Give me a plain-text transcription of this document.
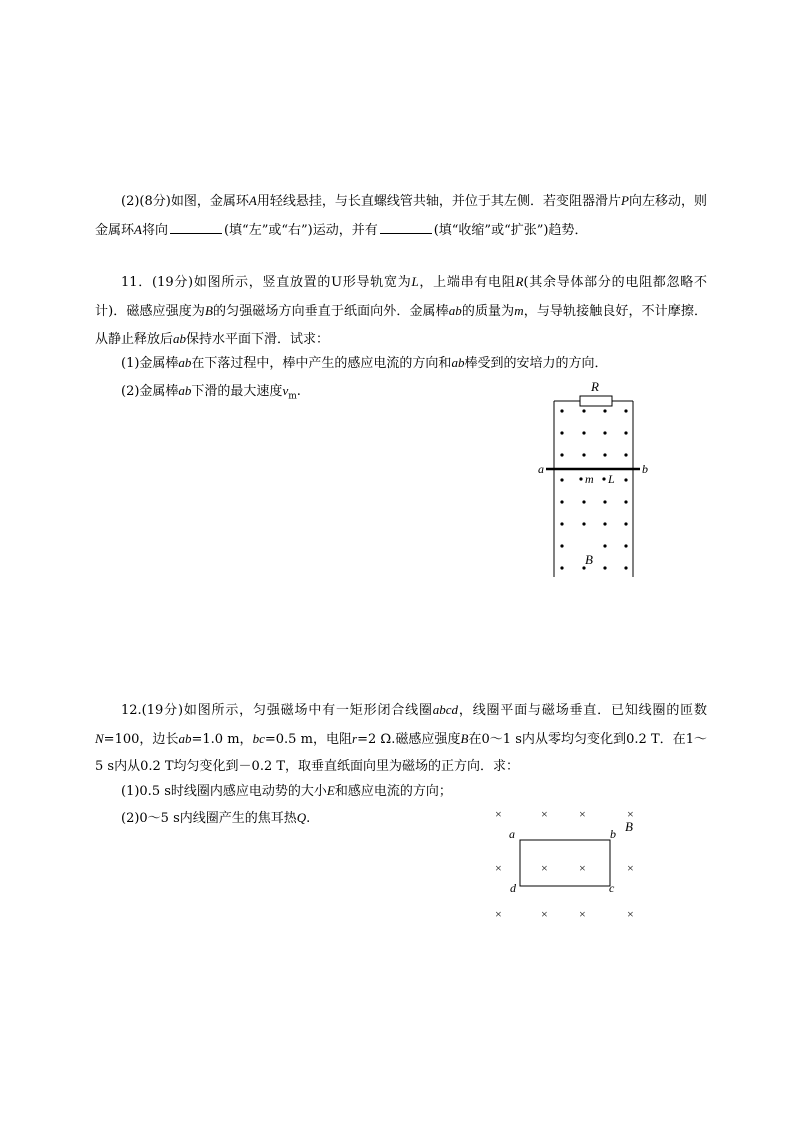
(2)(8分)如图，金属环A用轻线悬挂，与长直螺线管共轴，并位于其左侧．若变阻器滑片P向左移动，则金属环A将向	(填“左”或“右”)运动，并有	(填“收缩”或“扩张”)趋势．

11．(19分)如图所示，竖直放置的U形导轨宽为L，上端串有电阻R(其余导体部分的电阻都忽略不计)．磁感应强度为B的匀强磁场方向垂直于纸面向外．金属棒ab的质量为m，与导轨接触良好，不计摩擦．从静止释放后ab保持水平面下滑．试求：

(1)金属棒ab在下落过程中，棒中产生的感应电流的方向和ab棒受到的安培力的方向．

(2)金属棒ab下滑的最大速度$v_m$.	R
a	b
m L
B

12.(19分)如图所示，匀强磁场中有一矩形闭合线圈abcd，线圈平面与磁场垂直．已知线圈的匝数N=100，边长ab=1.0 m，bc=0.5 m，电阻r=2 Ω.磁感应强度B在0～1 s内从零均匀变化到0.2 T．在1～5 s内从0.2 T均匀变化到－0.2 T，取垂直纸面向里为磁场的正方向．求：

(1)0.5 s时线圈内感应电动势的大小E和感应电流的方向；

(2)0～5 s内线圈产生的焦耳热Q.

a	b
c
d
B
×	×	×	×
×	×	×	×
×	×	×	×
